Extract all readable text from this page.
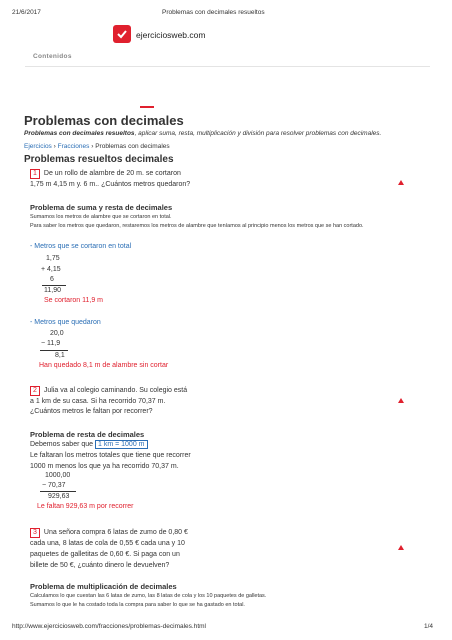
21/6/2017	Problemas con decimales resueltos
ejerciciosweb.com
Contenidos
Problemas con decimales
Problemas con decimales resueltos, aplicar suma, resta, multiplicación y división para resolver problemas con decimales.
Ejercicios › Fracciones › Problemas con decimales
Problemas resueltos decimales
1 De un rollo de alambre de 20 m. se cortaron
1,75 m 4,15 m y. 6 m.. ¿Cuántos metros quedaron?
Problema de suma y resta de decimales
Sumamos los metros de alambre que se cortaron en total.
Para saber los metros que quedaron, restaremos los metros de alambre que teníamos al principio menos los metros que se han cortado.
- Metros que se cortaron en total
1,75
+ 4,15
6
11,90
Se cortaron 11,9 m
- Metros que quedaron
20,0
− 11,9
8,1
Han quedado 8,1 m de alambre sin cortar
2 Julia va al colegio caminando. Su colegio está
a 1 km de su casa. Si ha recorrido 70,37 m.
¿Cuántos metros le faltan por recorrer?
Problema de resta de decimales
Debemos saber que 1 km = 1000 m
Le faltaran los metros totales que tiene que recorrer
1000 m menos los que ya ha recorrido 70,37 m.
1000,00
− 70,37
929,63
Le faltan 929,63 m por recorrer
3 Una señora compra 6 latas de zumo de 0,80 €
cada una, 8 latas de cola de 0,55 € cada una y 10
paquetes de galletitas de 0,60 €. Si paga con un
billete de 50 €, ¿cuánto dinero le devuelven?
Problema de multiplicación de decimales
Calculamos lo que cuestan las 6 latas de zumo, las 8 latas de cola y los 10 paquetes de galletas.
Sumamos lo que le ha costado toda la compra para saber lo que se ha gastado en total.
http://www.ejerciciosweb.com/fracciones/problemas-decimales.html	1/4
